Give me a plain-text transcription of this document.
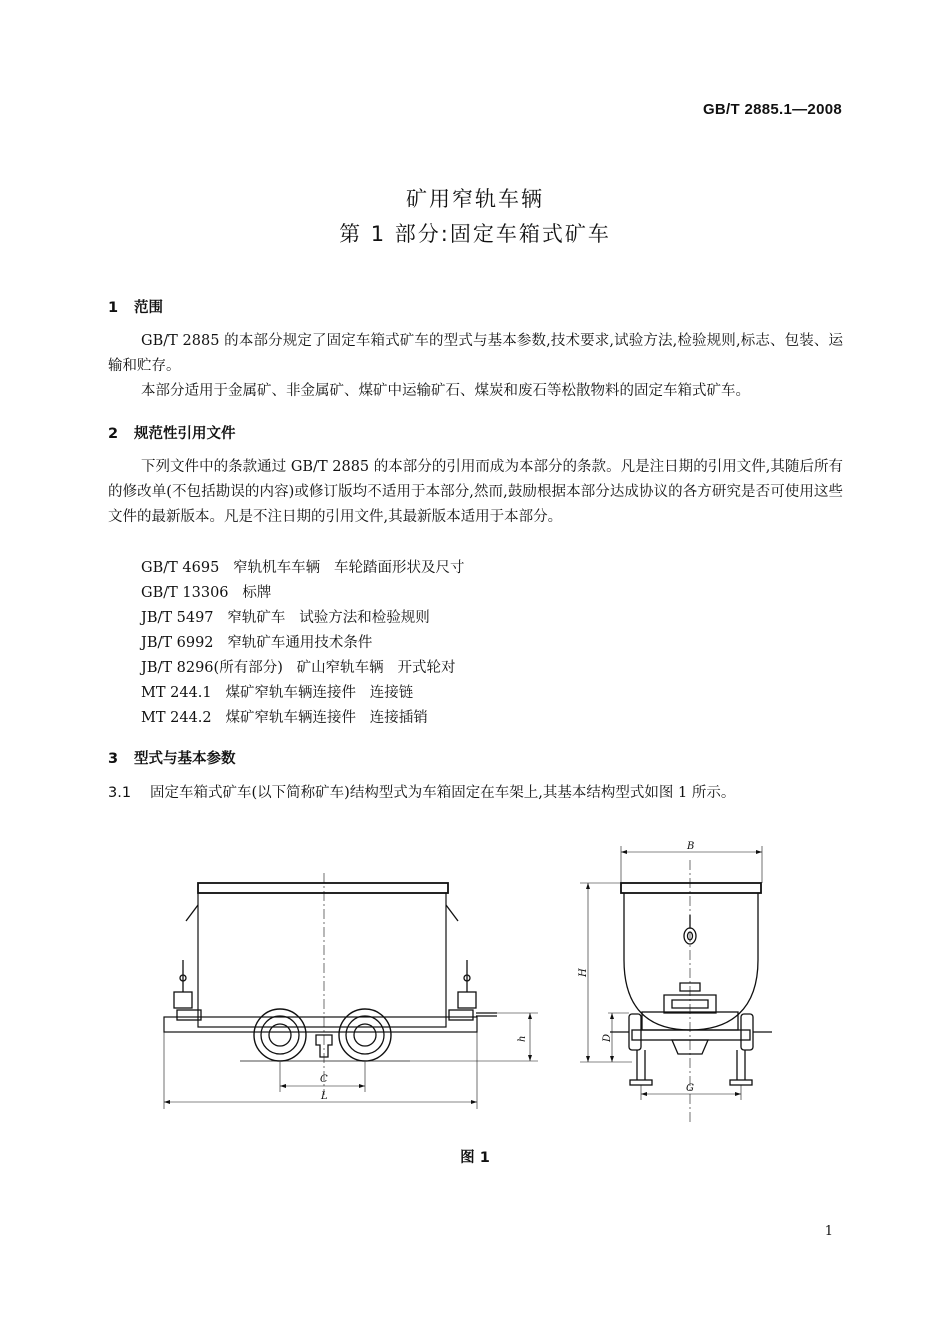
GB/T 2885.1—2008
矿用窄轨车辆
第 1 部分:固定车箱式矿车
1 范围
GB/T 2885 的本部分规定了固定车箱式矿车的型式与基本参数,技术要求,试验方法,检验规则,标志、包装、运输和贮存。
本部分适用于金属矿、非金属矿、煤矿中运输矿石、煤炭和废石等松散物料的固定车箱式矿车。
2 规范性引用文件
下列文件中的条款通过 GB/T 2885 的本部分的引用而成为本部分的条款。凡是注日期的引用文件,其随后所有的修改单(不包括勘误的内容)或修订版均不适用于本部分,然而,鼓励根据本部分达成协议的各方研究是否可使用这些文件的最新版本。凡是不注日期的引用文件,其最新版本适用于本部分。
GB/T 4695   窄轨机车车辆   车轮踏面形状及尺寸
GB/T 13306   标牌
JB/T 5497   窄轨矿车   试验方法和检验规则
JB/T 6992   窄轨矿车通用技术条件
JB/T 8296(所有部分)   矿山窄轨车辆   开式轮对
MT 244.1   煤矿窄轨车辆连接件   连接链
MT 244.2   煤矿窄轨车辆连接件   连接插销
3 型式与基本参数
3.1 固定车箱式矿车(以下简称矿车)结构型式为车箱固定在车架上,其基本结构型式如图 1 所示。
C
L
h
B
H
D
G
图 1
1
